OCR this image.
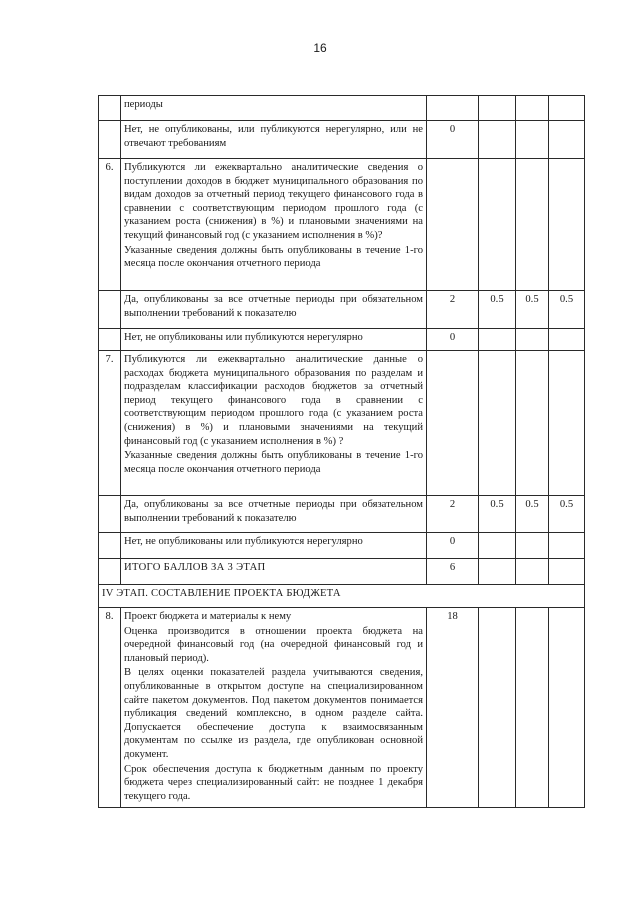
16
	периоды				
	Нет, не опубликованы, или публикуются нерегулярно, или не отвечают требованиям	0			
6.	Публикуются ли ежеквартально аналитические сведения о поступлении доходов в бюджет муниципального образования по видам доходов за отчетный период текущего финансового года в сравнении с соответствующим периодом прошлого года (с указанием роста (снижения) в %) и плановыми значениями на текущий финансовый год (с указанием исполнения в %)?

Указанные сведения должны быть опубликованы в течение 1-го месяца после окончания отчетного периода				

	Да, опубликованы за все отчетные периоды при обязательном выполнении требований к показателю	2	0.5	0.5	0.5
	Нет, не опубликованы или публикуются нерегулярно	0			
7.	Публикуются ли ежеквартально аналитические данные о расходах бюджета муниципального образования по разделам и подразделам классификации расходов бюджетов за отчетный период текущего финансового года в сравнении с соответствующим периодом прошлого года (с указанием роста (снижения) в %) и плановыми значениями на текущий финансовый год (с указанием исполнения в %) ?

Указанные сведения должны быть опубликованы в течение 1-го месяца после окончания отчетного периода				

	Да, опубликованы за все отчетные периоды при обязательном выполнении требований к показателю	2	0.5	0.5	0.5
	Нет, не опубликованы или публикуются нерегулярно	0			
	ИТОГО БАЛЛОВ ЗА 3 ЭТАП	6			
IV ЭТАП. СОСТАВЛЕНИЕ ПРОЕКТА БЮДЖЕТА					
8.	Проект бюджета и материалы к нему

Оценка производится в отношении проекта бюджета на очередной финансовый год (на очередной финансовый год и плановый период).

В целях оценки показателей раздела учитываются сведения, опубликованные в открытом доступе на специализированном сайте пакетом документов. Под пакетом документов понимается публикация сведений комплексно, в одном разделе сайта. Допускается обеспечение доступа к взаимосвязанным документам по ссылке из раздела, где опубликован основной документ.

Срок обеспечения доступа к бюджетным данным по проекту бюджета через специализированный сайт: не позднее 1 декабря текущего года.	18			
